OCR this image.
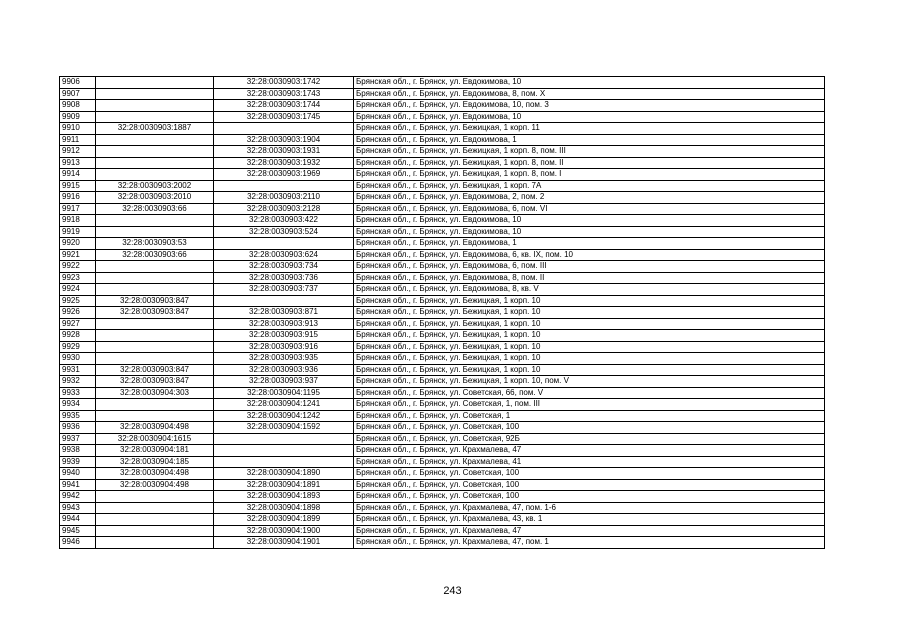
9906		32:28:0030903:1742	Брянская обл., г. Брянск, ул. Евдокимова, 10
9907		32:28:0030903:1743	Брянская обл., г. Брянск, ул. Евдокимова, 8, пом. X
9908		32:28:0030903:1744	Брянская обл., г. Брянск, ул. Евдокимова, 10, пом. 3
9909		32:28:0030903:1745	Брянская обл., г. Брянск, ул. Евдокимова, 10
9910	32:28:0030903:1887		Брянская обл., г. Брянск, ул. Бежицкая, 1 корп. 11
9911		32:28:0030903:1904	Брянская обл., г. Брянск, ул. Евдокимова, 1
9912		32:28:0030903:1931	Брянская обл., г. Брянск, ул. Бежицкая, 1 корп. 8, пом. III
9913		32:28:0030903:1932	Брянская обл., г. Брянск, ул. Бежицкая, 1 корп. 8, пом. II
9914		32:28:0030903:1969	Брянская обл., г. Брянск, ул. Бежицкая, 1 корп. 8, пом. I
9915	32:28:0030903:2002		Брянская обл., г. Брянск, ул. Бежицкая, 1 корп. 7А
9916	32:28:0030903:2010	32:28:0030903:2110	Брянская обл., г. Брянск, ул. Евдокимова, 2, пом. 2
9917	32:28:0030903:66	32:28:0030903:2128	Брянская обл., г. Брянск, ул. Евдокимова, 6, пом. VI
9918		32:28:0030903:422	Брянская обл., г. Брянск, ул. Евдокимова, 10
9919		32:28:0030903:524	Брянская обл., г. Брянск, ул. Евдокимова, 10
9920	32:28:0030903:53		Брянская обл., г. Брянск, ул. Евдокимова, 1
9921	32:28:0030903:66	32:28:0030903:624	Брянская обл., г. Брянск, ул. Евдокимова, 6, кв. IX, пом. 10
9922		32:28:0030903:734	Брянская обл., г. Брянск, ул. Евдокимова, 6, пом. III
9923		32:28:0030903:736	Брянская обл., г. Брянск, ул. Евдокимова, 8, пом. II
9924		32:28:0030903:737	Брянская обл., г. Брянск, ул. Евдокимова, 8, кв. V
9925	32:28:0030903:847		Брянская обл., г. Брянск, ул. Бежицкая, 1 корп. 10
9926	32:28:0030903:847	32:28:0030903:871	Брянская обл., г. Брянск, ул. Бежицкая, 1 корп. 10
9927		32:28:0030903:913	Брянская обл., г. Брянск, ул. Бежицкая, 1 корп. 10
9928		32:28:0030903:915	Брянская обл., г. Брянск, ул. Бежицкая, 1 корп. 10
9929		32:28:0030903:916	Брянская обл., г. Брянск, ул. Бежицкая, 1 корп. 10
9930		32:28:0030903:935	Брянская обл., г. Брянск, ул. Бежицкая, 1 корп. 10
9931	32:28:0030903:847	32:28:0030903:936	Брянская обл., г. Брянск, ул. Бежицкая, 1 корп. 10
9932	32:28:0030903:847	32:28:0030903:937	Брянская обл., г. Брянск, ул. Бежицкая, 1 корп. 10, пом. V
9933	32:28:0030904:303	32:28:0030904:1195	Брянская обл., г. Брянск, ул. Советская, 66, пом. V
9934		32:28:0030904:1241	Брянская обл., г. Брянск, ул. Советская, 1, пом. III
9935		32:28:0030904:1242	Брянская обл., г. Брянск, ул. Советская, 1
9936	32:28:0030904:498	32:28:0030904:1592	Брянская обл., г. Брянск, ул. Советская, 100
9937	32:28:0030904:1615		Брянская обл., г. Брянск, ул. Советская, 92Б
9938	32:28:0030904:181		Брянская обл., г. Брянск, ул. Крахмалева, 47
9939	32:28:0030904:185		Брянская обл., г. Брянск, ул. Крахмалева, 41
9940	32:28:0030904:498	32:28:0030904:1890	Брянская обл., г. Брянск, ул. Советская, 100
9941	32:28:0030904:498	32:28:0030904:1891	Брянская обл., г. Брянск, ул. Советская, 100
9942		32:28:0030904:1893	Брянская обл., г. Брянск, ул. Советская, 100
9943		32:28:0030904:1898	Брянская обл., г. Брянск, ул. Крахмалева, 47, пом. 1-6
9944		32:28:0030904:1899	Брянская обл., г. Брянск, ул. Крахмалева, 43, кв. 1
9945		32:28:0030904:1900	Брянская обл., г. Брянск, ул. Крахмалева, 47
9946		32:28:0030904:1901	Брянская обл., г. Брянск, ул. Крахмалева, 47, пом. 1
243
